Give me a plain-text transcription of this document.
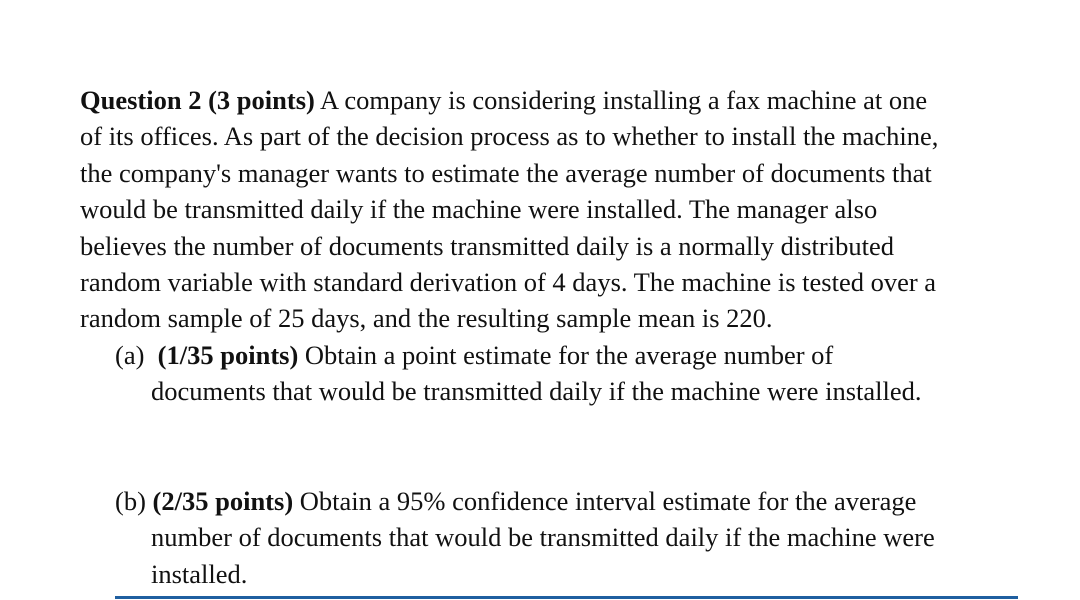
Question 2 (3 points) A company is considering installing a fax machine at one
of its offices. As part of the decision process as to whether to install the machine,
the company's manager wants to estimate the average number of documents that
would be transmitted daily if the machine were installed. The manager also
believes the number of documents transmitted daily is a normally distributed
random variable with standard derivation of 4 days. The machine is tested over a
random sample of 25 days, and the resulting sample mean is 220.

(a)  (1/35 points) Obtain a point estimate for the average number of
documents that would be transmitted daily if the machine were installed.

(b) (2/35 points) Obtain a 95% confidence interval estimate for the average
number of documents that would be transmitted daily if the machine were
installed.
